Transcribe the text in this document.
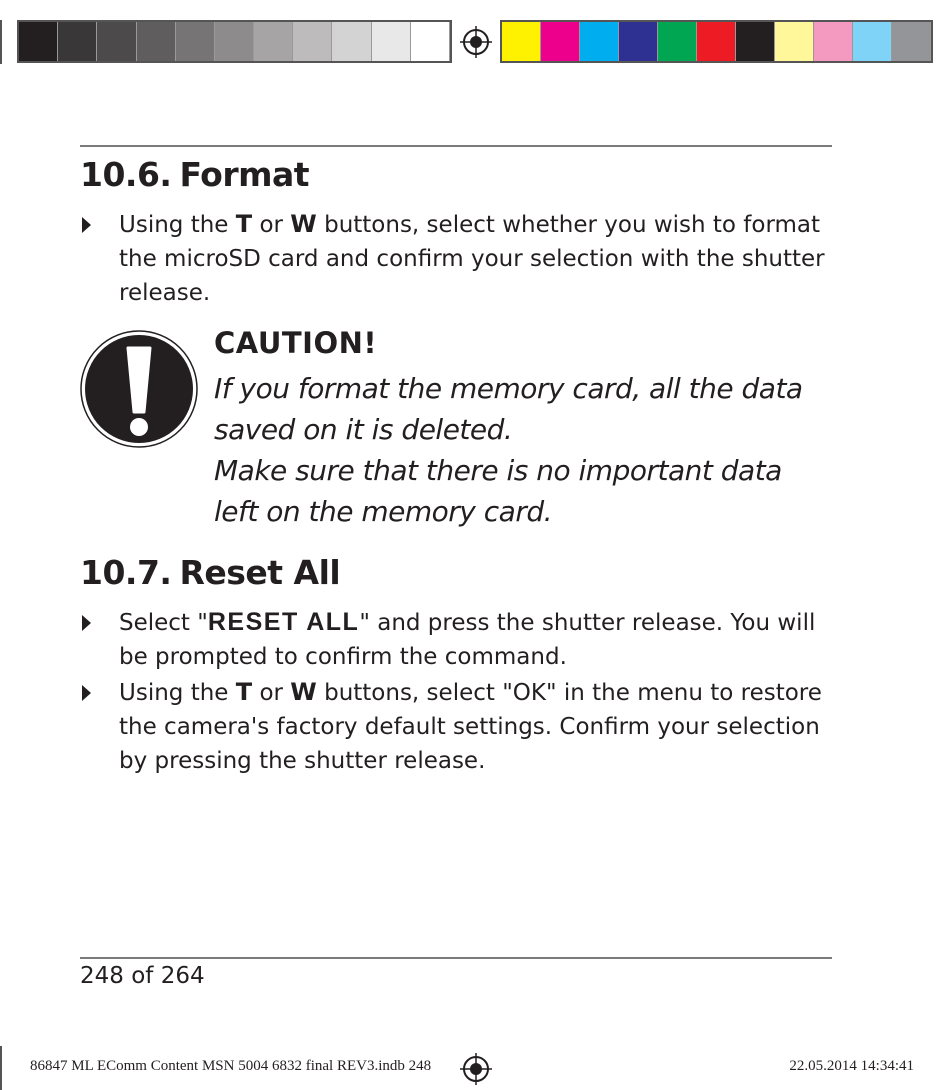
10.6. Format
Using the T or W buttons, select whether you wish to format the microSD card and confirm your selection with the shutter release.
CAUTION!
If you format the memory card, all the data saved on it is deleted.
Make sure that there is no important data left on the memory card.
10.7. Reset All
Select "RESET ALL" and press the shutter release. You will be prompted to confirm the command.
Using the T or W buttons, select "OK" in the menu to restore the camera's factory default settings. Confirm your selection by pressing the shutter release.
248 of 264
86847 ML EComm Content MSN 5004 6832 final REV3.indb 248	22.05.2014 14:34:41
